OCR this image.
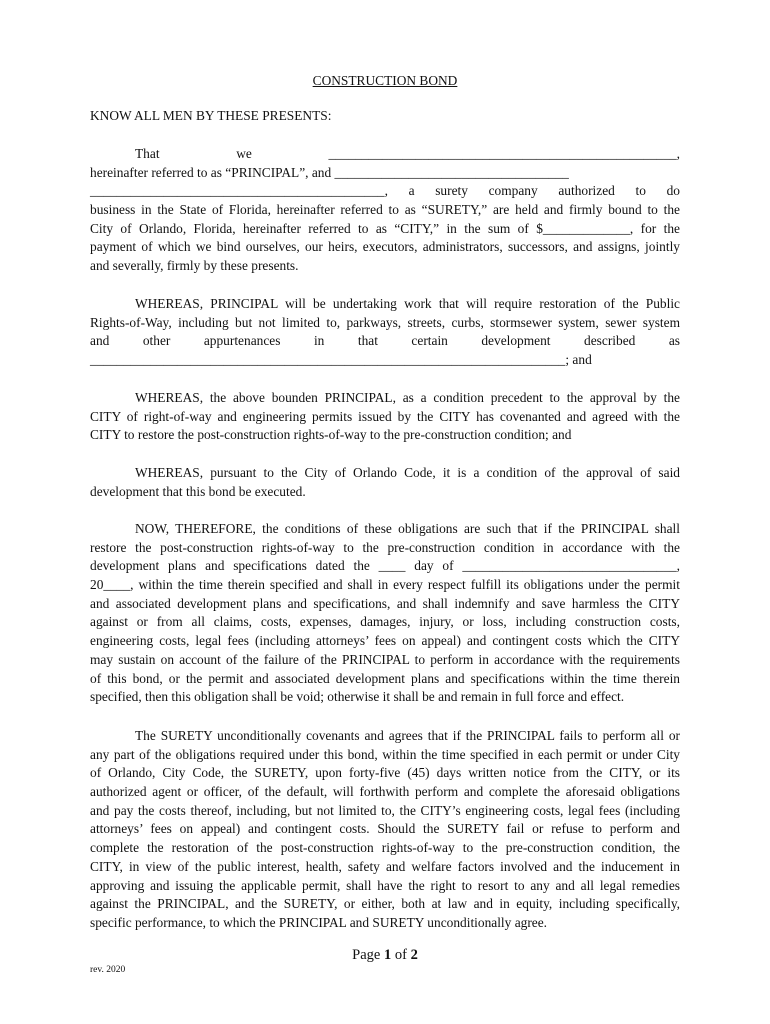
CONSTRUCTION BOND
KNOW ALL MEN BY THESE PRESENTS:
That we ____________________________________________________,
hereinafter referred to as “PRINCIPAL”, and ___________________________________
____________________________________________, a surety company authorized to do
business in the State of Florida, hereinafter referred to as “SURETY,” are held and firmly bound to the
City of Orlando, Florida, hereinafter referred to as “CITY,” in the sum of $_____________, for the
payment of which we bind ourselves, our heirs, executors, administrators, successors, and assigns, jointly
and severally, firmly by these presents.
WHEREAS, PRINCIPAL will be undertaking work that will require restoration of the Public
Rights-of-Way, including but not limited to, parkways, streets, curbs, stormsewer system, sewer system
and other appurtenances in that certain development described as
_______________________________________________________________________; and
WHEREAS, the above bounden PRINCIPAL, as a condition precedent to the approval by the
CITY of right-of-way and engineering permits issued by the CITY has covenanted and agreed with the
CITY to restore the post-construction rights-of-way to the pre-construction condition; and
WHEREAS, pursuant to the City of Orlando Code, it is a condition of the approval of said
development that this bond be executed.
NOW, THEREFORE, the conditions of these obligations are such that if the PRINCIPAL shall
restore the post-construction rights-of-way to the pre-construction condition in accordance with the
development plans and specifications dated the ____ day of ________________________________,
20____, within the time therein specified and shall in every respect fulfill its obligations under the permit
and associated development plans and specifications, and shall indemnify and save harmless the CITY
against or from all claims, costs, expenses, damages, injury, or loss, including construction costs,
engineering costs, legal fees (including attorneys’ fees on appeal) and contingent costs which the CITY
may sustain on account of the failure of the PRINCIPAL to perform in accordance with the requirements
of this bond, or the permit and associated development plans and specifications within the time therein
specified, then this obligation shall be void; otherwise it shall be and remain in full force and effect.
The SURETY unconditionally covenants and agrees that if the PRINCIPAL fails to perform all or
any part of the obligations required under this bond, within the time specified in each permit or under City
of Orlando, City Code, the SURETY, upon forty-five (45) days written notice from the CITY, or its
authorized agent or officer, of the default, will forthwith perform and complete the aforesaid obligations
and pay the costs thereof, including, but not limited to, the CITY’s engineering costs, legal fees (including
attorneys’ fees on appeal) and contingent costs. Should the SURETY fail or refuse to perform and
complete the restoration of the post-construction rights-of-way to the pre-construction condition, the
CITY, in view of the public interest, health, safety and welfare factors involved and the inducement in
approving and issuing the applicable permit, shall have the right to resort to any and all legal remedies
against the PRINCIPAL, and the SURETY, or either, both at law and in equity, including specifically,
specific performance, to which the PRINCIPAL and SURETY unconditionally agree.
Page 1 of 2
rev. 2020
